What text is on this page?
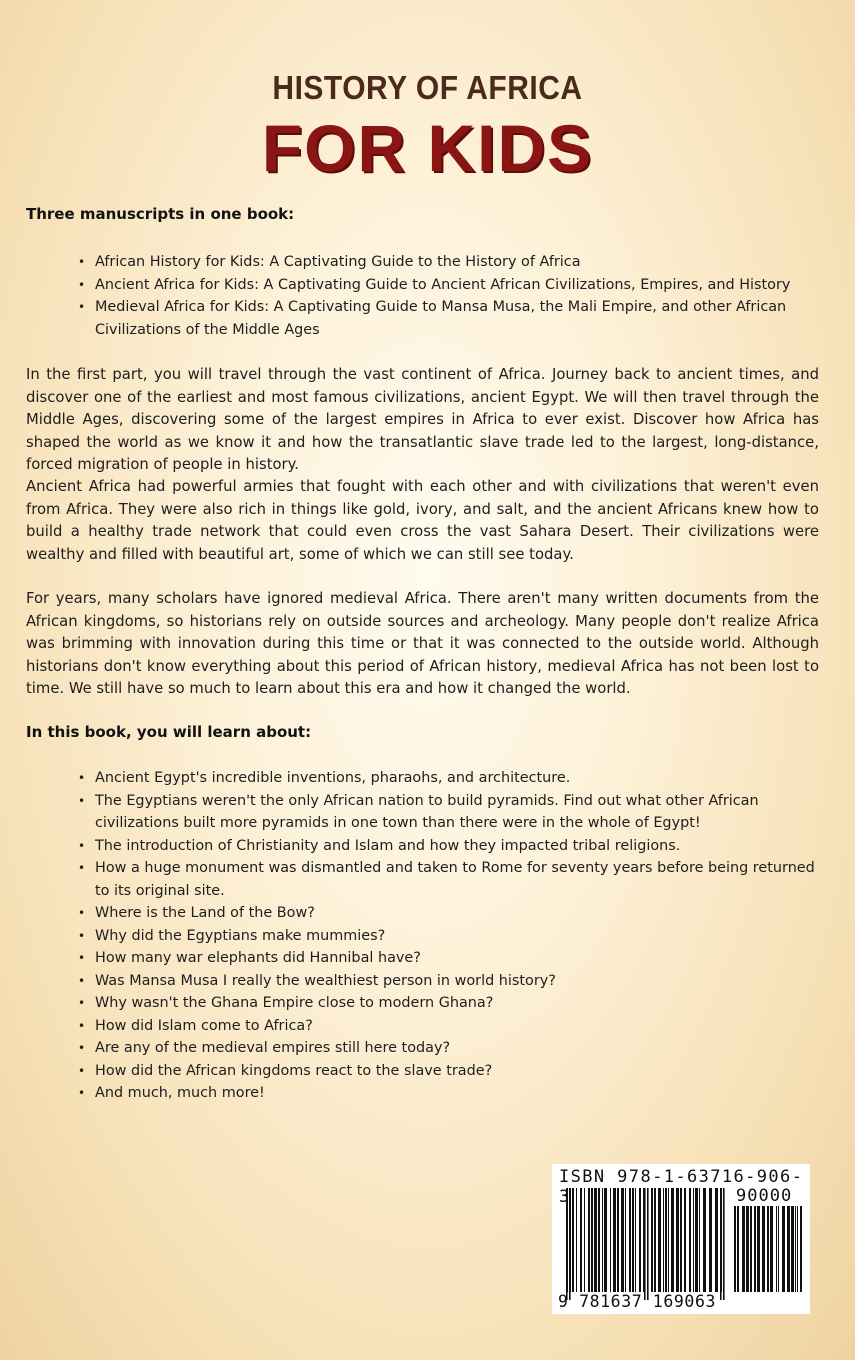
HISTORY OF AFRICA
FOR KIDS
Three manuscripts in one book:
• African History for Kids: A Captivating Guide to the History of Africa
• Ancient Africa for Kids: A Captivating Guide to Ancient African Civilizations, Empires, and History
• Medieval Africa for Kids: A Captivating Guide to Mansa Musa, the Mali Empire, and other African Civilizations of the Middle Ages

In the first part, you will travel through the vast continent of Africa. Journey back to ancient times, and discover one of the earliest and most famous civilizations, ancient Egypt. We will then travel through the Middle Ages, discovering some of the largest empires in Africa to ever exist. Discover how Africa has shaped the world as we know it and how the transatlantic slave trade led to the largest, long-distance, forced migration of people in history.

Ancient Africa had powerful armies that fought with each other and with civilizations that weren't even from Africa. They were also rich in things like gold, ivory, and salt, and the ancient Africans knew how to build a healthy trade network that could even cross the vast Sahara Desert. Their civilizations were wealthy and filled with beautiful art, some of which we can still see today.

For years, many scholars have ignored medieval Africa. There aren't many written documents from the African kingdoms, so historians rely on outside sources and archeology. Many people don't realize Africa was brimming with innovation during this time or that it was connected to the outside world. Although historians don't know everything about this period of African history, medieval Africa has not been lost to time. We still have so much to learn about this era and how it changed the world.

In this book, you will learn about:
• Ancient Egypt's incredible inventions, pharaohs, and architecture.
• The Egyptians weren't the only African nation to build pyramids. Find out what other African civilizations built more pyramids in one town than there were in the whole of Egypt!
• The introduction of Christianity and Islam and how they impacted tribal religions.
• How a huge monument was dismantled and taken to Rome for seventy years before being returned to its original site.
• Where is the Land of the Bow?
• Why did the Egyptians make mummies?
• How many war elephants did Hannibal have?
• Was Mansa Musa I really the wealthiest person in world history?
• Why wasn't the Ghana Empire close to modern Ghana?
• How did Islam come to Africa?
• Are any of the medieval empires still here today?
• How did the African kingdoms react to the slave trade?
• And much, much more!
ISBN 978-1-63716-906-3	90000
9 781637 169063
